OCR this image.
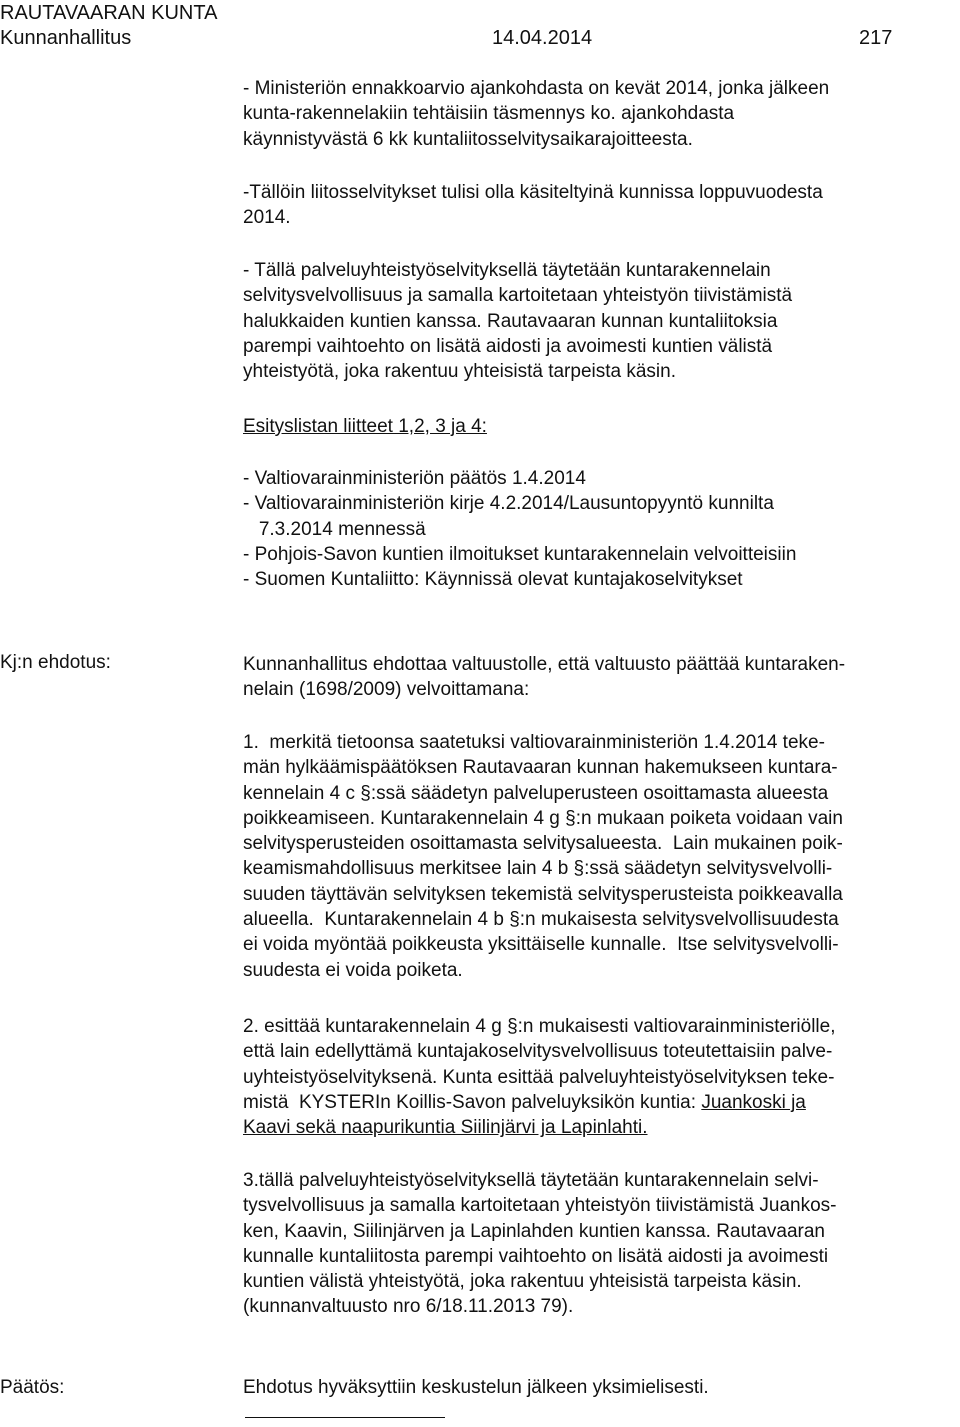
RAUTAVAARAN KUNTA
Kunnanhallitus	14.04.2014	217
- Ministeriön ennakkoarvio ajankohdasta on kevät 2014, jonka jälkeen
kunta-rakennelakiin tehtäisiin täsmennys ko. ajankohdasta
käynnistyvästä 6 kk kuntaliitosselvitysaikarajoitteesta.
-Tällöin liitosselvitykset tulisi olla käsiteltyinä kunnissa loppuvuodesta
2014.
- Tällä palveluyhteistyöselvityksellä täytetään kuntarakennelain
selvitysvelvollisuus ja samalla kartoitetaan yhteistyön tiivistämistä
halukkaiden kuntien kanssa. Rautavaaran kunnan kuntaliitoksia
parempi vaihtoehto on lisätä aidosti ja avoimesti kuntien välistä
yhteistyötä, joka rakentuu yhteisistä tarpeista käsin.
Esityslistan liitteet 1,2, 3 ja 4:
- Valtiovarainministeriön päätös 1.4.2014
- Valtiovarainministeriön kirje 4.2.2014/Lausuntopyyntö kunnilta
7.3.2014 mennessä
- Pohjois-Savon kuntien ilmoitukset kuntarakennelain velvoitteisiin
- Suomen Kuntaliitto: Käynnissä olevat kuntajakoselvitykset
Kj:n ehdotus:	Kunnanhallitus ehdottaa valtuustolle, että valtuusto päättää kuntaraken-
nelain (1698/2009) velvoittamana:
1.  merkitä tietoonsa saatetuksi valtiovarainministeriön 1.4.2014 teke-
män hylkäämispäätöksen Rautavaaran kunnan hakemukseen kuntara-
kennelain 4 c §:ssä säädetyn palveluperusteen osoittamasta alueesta
poikkeamiseen. Kuntarakennelain 4 g §:n mukaan poiketa voidaan vain
selvitysperusteiden osoittamasta selvitysalueesta.  Lain mukainen poik-
keamismahdollisuus merkitsee lain 4 b §:ssä säädetyn selvitysvelvolli-
suuden täyttävän selvityksen tekemistä selvitysperusteista poikkeavalla
alueella.  Kuntarakennelain 4 b §:n mukaisesta selvitysvelvollisuudesta
ei voida myöntää poikkeusta yksittäiselle kunnalle.  Itse selvitysvelvolli-
suudesta ei voida poiketa.
2. esittää kuntarakennelain 4 g §:n mukaisesti valtiovarainministeriölle,
että lain edellyttämä kuntajakoselvitysvelvollisuus toteutettaisiin palve-
uyhteistyöselvityksenä. Kunta esittää palveluyhteistyöselvityksen teke-
mistä  KYSTERIn Koillis-Savon palveluyksikön kuntia: Juankoski ja
Kaavi sekä naapurikuntia Siilinjärvi ja Lapinlahti.
3.tällä palveluyhteistyöselvityksellä täytetään kuntarakennelain selvi-
tysvelvollisuus ja samalla kartoitetaan yhteistyön tiivistämistä Juankos-
ken, Kaavin, Siilinjärven ja Lapinlahden kuntien kanssa. Rautavaaran
kunnalle kuntaliitosta parempi vaihtoehto on lisätä aidosti ja avoimesti
kuntien välistä yhteistyötä, joka rakentuu yhteisistä tarpeista käsin.
(kunnanvaltuusto nro 6/18.11.2013 79).
Päätös:	Ehdotus hyväksyttiin keskustelun jälkeen yksimielisesti.
